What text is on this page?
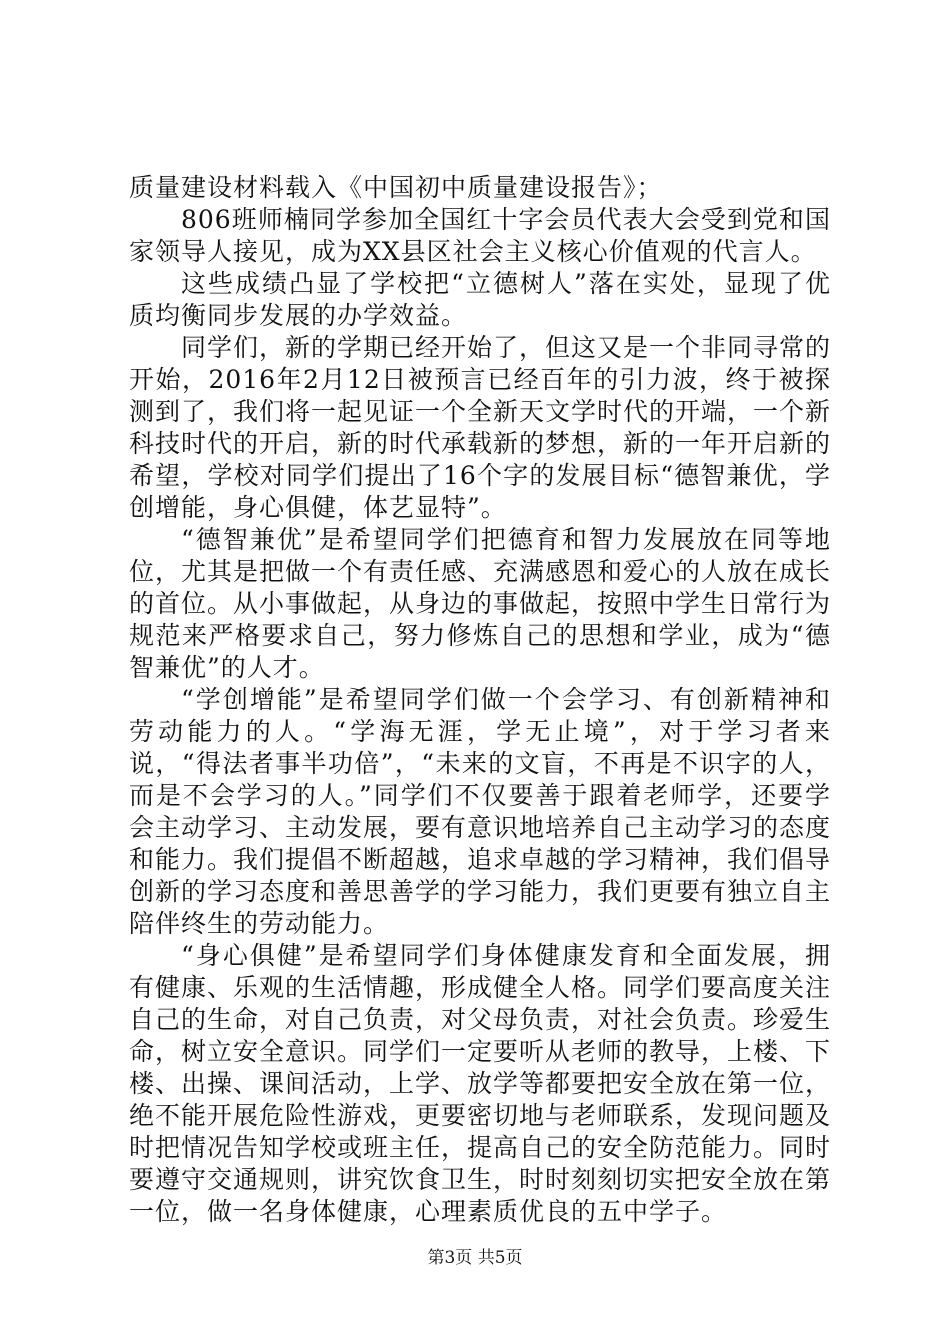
质量建设材料载入《中国初中质量建设报告》；

806班师楠同学参加全国红十字会员代表大会受到党和国家领导人接见，成为XX县区社会主义核心价值观的代言人。

这些成绩凸显了学校把“立德树人”落在实处，显现了优质均衡同步发展的办学效益。

同学们，新的学期已经开始了，但这又是一个非同寻常的开始，2016年2月12日被预言已经百年的引力波，终于被探测到了，我们将一起见证一个全新天文学时代的开端，一个新科技时代的开启，新的时代承载新的梦想，新的一年开启新的希望，学校对同学们提出了16个字的发展目标“德智兼优，学创增能，身心俱健，体艺显特”。

“德智兼优”是希望同学们把德育和智力发展放在同等地位，尤其是把做一个有责任感、充满感恩和爱心的人放在成长的首位。从小事做起，从身边的事做起，按照中学生日常行为规范来严格要求自己，努力修炼自己的思想和学业，成为“德智兼优”的人才。

“学创增能”是希望同学们做一个会学习、有创新精神和劳动能力的人。“学海无涯，学无止境”，对于学习者来说，“得法者事半功倍”，“未来的文盲，不再是不识字的人，而是不会学习的人。”同学们不仅要善于跟着老师学，还要学会主动学习、主动发展，要有意识地培养自己主动学习的态度和能力。我们提倡不断超越，追求卓越的学习精神，我们倡导创新的学习态度和善思善学的学习能力，我们更要有独立自主陪伴终生的劳动能力。

“身心俱健”是希望同学们身体健康发育和全面发展，拥有健康、乐观的生活情趣，形成健全人格。同学们要高度关注自己的生命，对自己负责，对父母负责，对社会负责。珍爱生命，树立安全意识。同学们一定要听从老师的教导，上楼、下楼、出操、课间活动，上学、放学等都要把安全放在第一位，绝不能开展危险性游戏，更要密切地与老师联系，发现问题及时把情况告知学校或班主任，提高自己的安全防范能力。同时要遵守交通规则，讲究饮食卫生，时时刻刻切实把安全放在第一位，做一名身体健康，心理素质优良的五中学子。

第3页 共5页
